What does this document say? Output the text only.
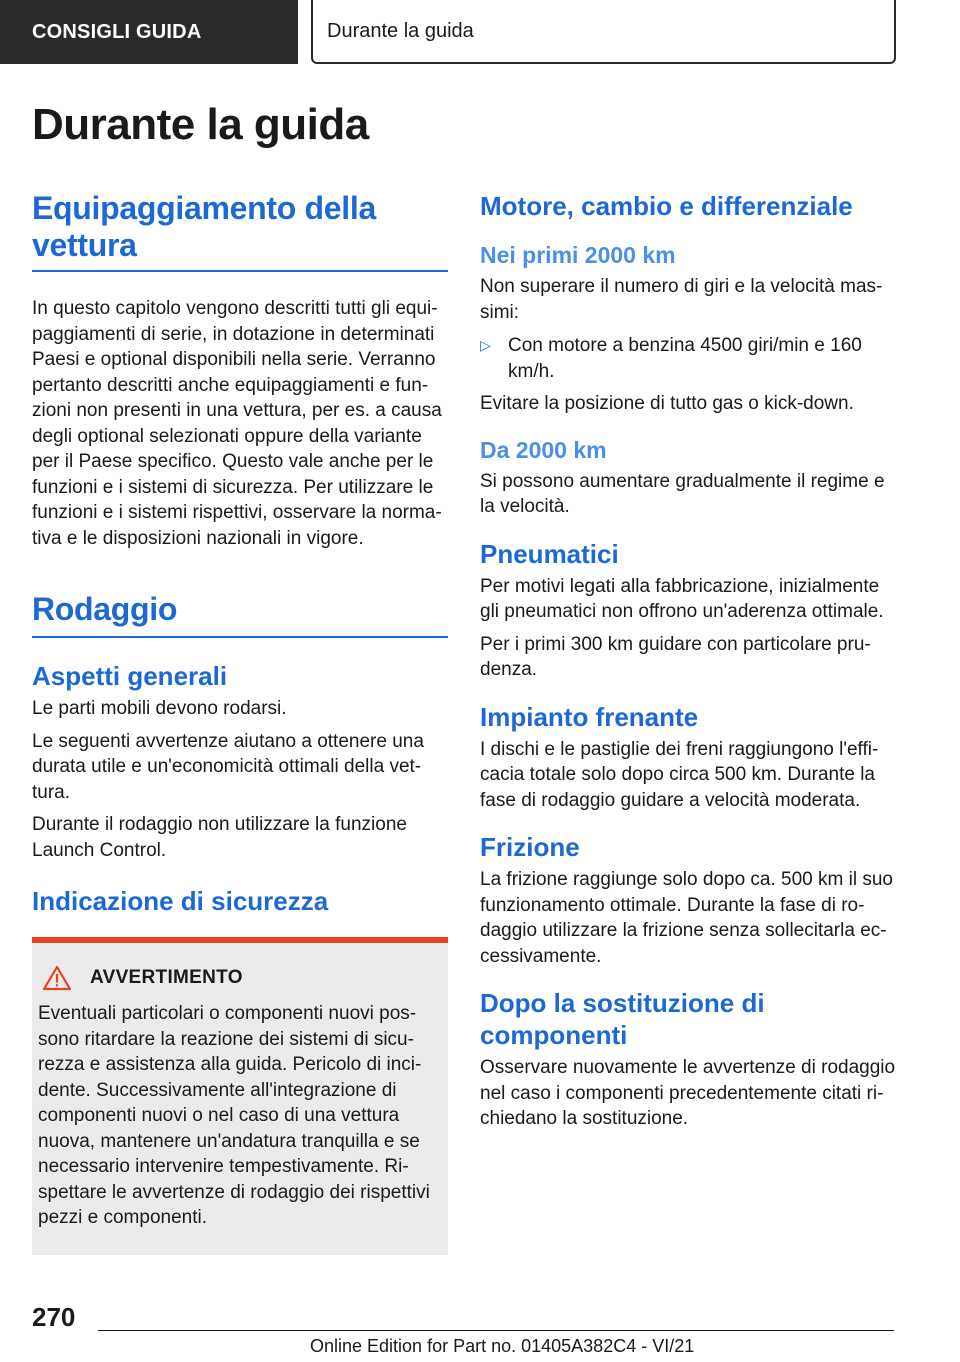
CONSIGLI GUIDA	Durante la guida
Durante la guida
Equipaggiamento della vettura

In questo capitolo vengono descritti tutti gli equipaggiamenti di serie, in dotazione in determinati Paesi e optional disponibili nella serie. Verranno pertanto descritti anche equipaggiamenti e funzioni non presenti in una vettura, per es. a causa degli optional selezionati oppure della variante per il Paese specifico. Questo vale anche per le funzioni e i sistemi di sicurezza. Per utilizzare le funzioni e i sistemi rispettivi, osservare la normativa e le disposizioni nazionali in vigore.

Rodaggio
Aspetti generali

Le parti mobili devono rodarsi.

Le seguenti avvertenze aiutano a ottenere una durata utile e un'economicità ottimali della vettura.

Durante il rodaggio non utilizzare la funzione Launch Control.

Indicazione di sicurezza
AVVERTIMENTO

Eventuali particolari o componenti nuovi possono ritardare la reazione dei sistemi di sicurezza e assistenza alla guida. Pericolo di incidente. Successivamente all'integrazione di componenti nuovi o nel caso di una vettura nuova, mantenere un'andatura tranquilla e se necessario intervenire tempestivamente. Rispettare le avvertenze di rodaggio dei rispettivi pezzi e componenti.

Motore, cambio e differenziale
Nei primi 2000 km

Non superare il numero di giri e la velocità massimi:

▷ Con motore a benzina 4500 giri/min e 160 km/h.

Evitare la posizione di tutto gas o kick-down.

Da 2000 km

Si possono aumentare gradualmente il regime e la velocità.

Pneumatici

Per motivi legati alla fabbricazione, inizialmente gli pneumatici non offrono un'aderenza ottimale.

Per i primi 300 km guidare con particolare prudenza.

Impianto frenante

I dischi e le pastiglie dei freni raggiungono l'efficacia totale solo dopo circa 500 km. Durante la fase di rodaggio guidare a velocità moderata.

Frizione

La frizione raggiunge solo dopo ca. 500 km il suo funzionamento ottimale. Durante la fase di rodaggio utilizzare la frizione senza sollecitarla eccessivamente.

Dopo la sostituzione di componenti

Osservare nuovamente le avvertenze di rodaggio nel caso i componenti precedentemente citati richiedano la sostituzione.

270
Online Edition for Part no. 01405A382C4 - VI/21
